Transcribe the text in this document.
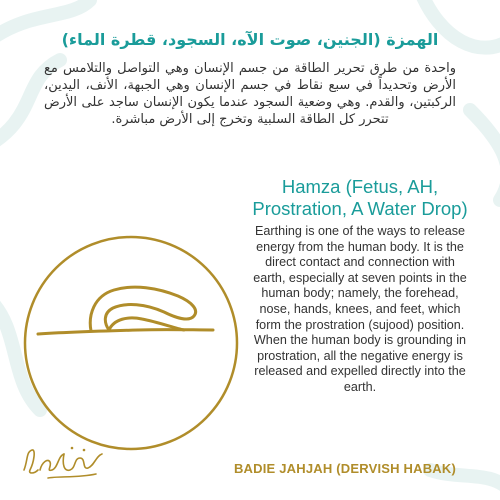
الهمزة (الجنين، صوت الآه، السجود، قطرة الماء)
واحدة من طرق تحرير الطاقة من جسم الإنسان وهي التواصل والتلامس مع الأرض وتحديداً في سبع نقاط في جسم الإنسان وهي الجبهة، الأنف، اليدين، الركبتين، والقدم. وهي وضعية السجود عندما يكون الإنسان ساجد على الأرض تتحرر كل الطاقة السلبية وتخرج إلى الأرض مباشرة.
Hamza (Fetus, AH, Prostration, A Water Drop)
Earthing is one of the ways to release energy from the human body. It is the direct contact and connection with earth, especially at seven points in the human body; namely, the forehead, nose, hands, knees, and feet, which form the prostration (sujood) position. When the human body is grounding in prostration, all the negative energy is released and expelled directly into the earth.
BADIE JAHJAH (DERVISH HABAK)
